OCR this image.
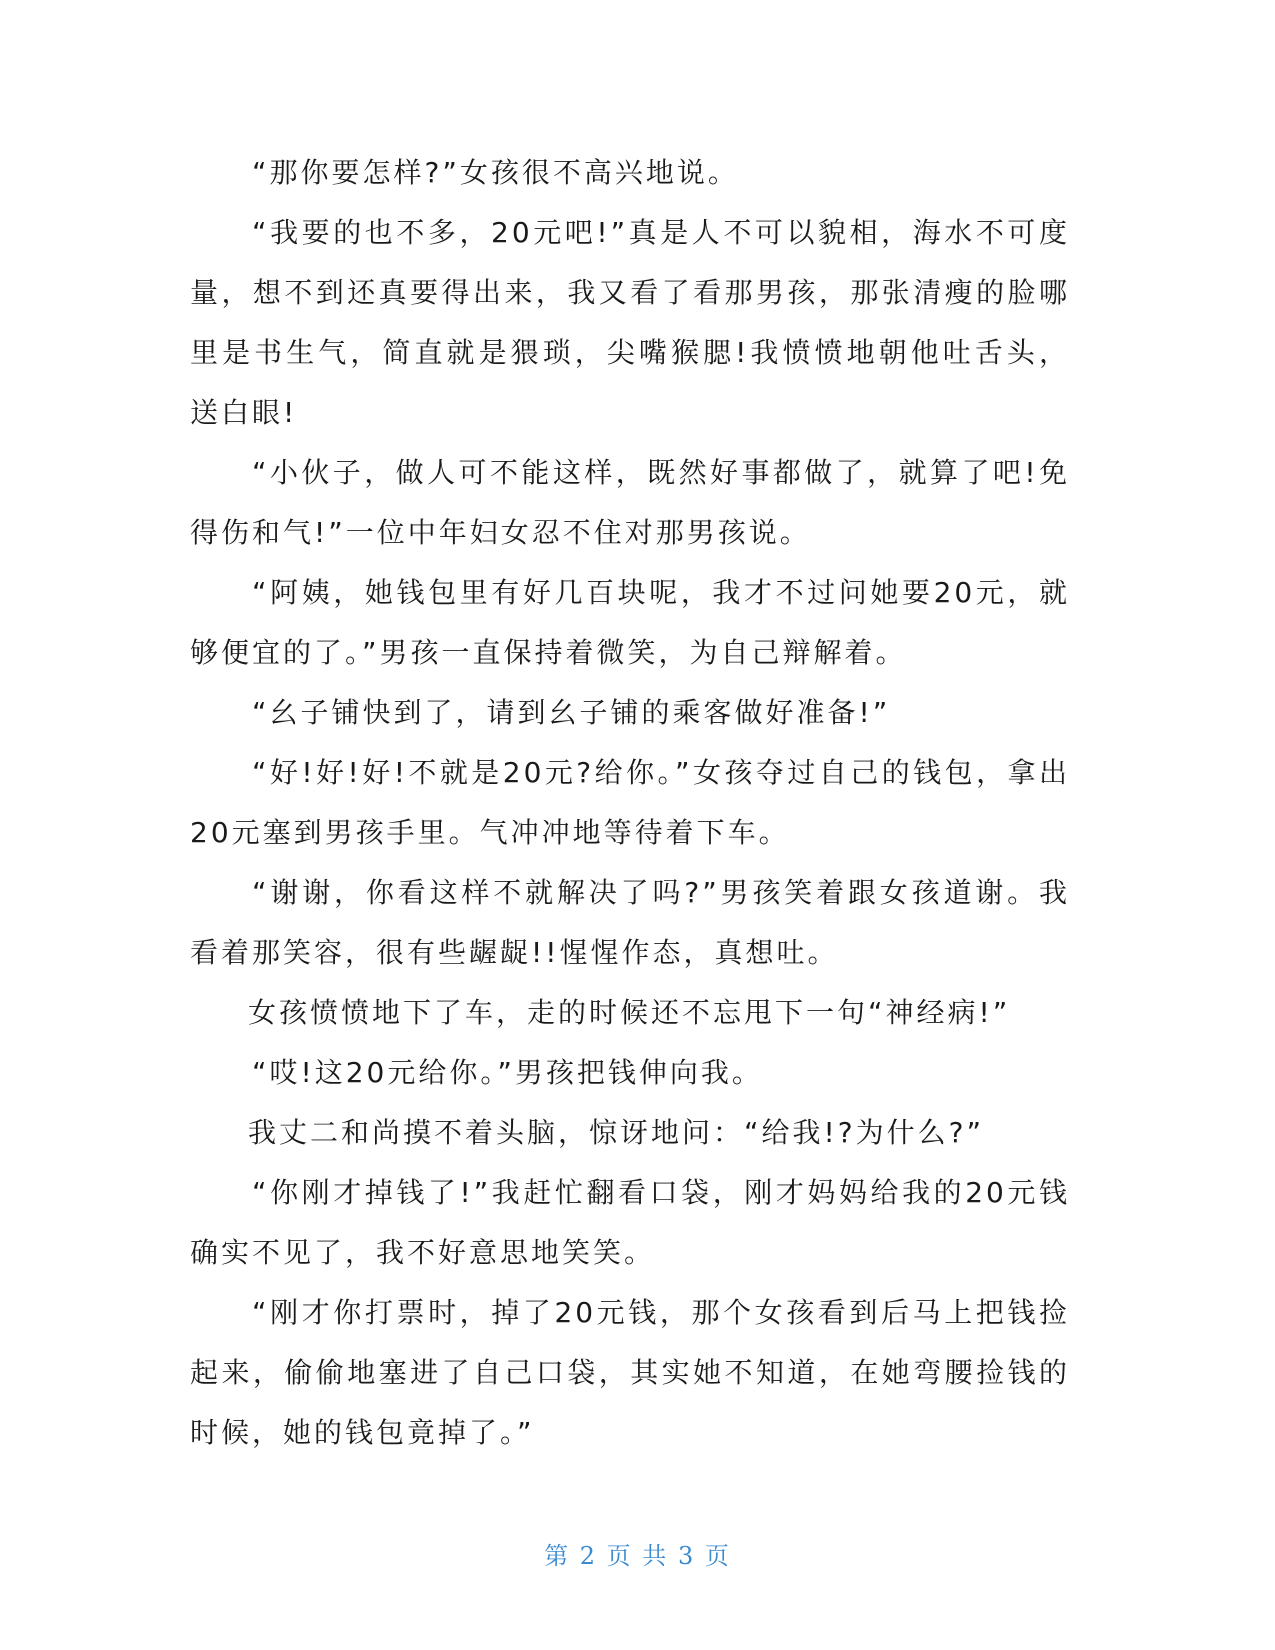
“那你要怎样?”女孩很不高兴地说。

“我要的也不多，20元吧!”真是人不可以貌相，海水不可度量，想不到还真要得出来，我又看了看那男孩，那张清瘦的脸哪里是书生气，简直就是猥琐，尖嘴猴腮!我愤愤地朝他吐舌头，送白眼!

“小伙子，做人可不能这样，既然好事都做了，就算了吧!免得伤和气!”一位中年妇女忍不住对那男孩说。

“阿姨，她钱包里有好几百块呢，我才不过问她要20元，就够便宜的了。”男孩一直保持着微笑，为自己辩解着。

“幺子铺快到了，请到幺子铺的乘客做好准备!”

“好!好!好!不就是20元?给你。”女孩夺过自己的钱包，拿出20元塞到男孩手里。气冲冲地等待着下车。

“谢谢，你看这样不就解决了吗?”男孩笑着跟女孩道谢。我看着那笑容，很有些龌龊!!惺惺作态，真想吐。

女孩愤愤地下了车，走的时候还不忘甩下一句“神经病!”

“哎!这20元给你。”男孩把钱伸向我。

我丈二和尚摸不着头脑，惊讶地问：“给我!?为什么?”

“你刚才掉钱了!”我赶忙翻看口袋，刚才妈妈给我的20元钱确实不见了，我不好意思地笑笑。

“刚才你打票时，掉了20元钱，那个女孩看到后马上把钱捡起来，偷偷地塞进了自己口袋，其实她不知道，在她弯腰捡钱的时候，她的钱包竟掉了。”

第 2 页 共 3 页
